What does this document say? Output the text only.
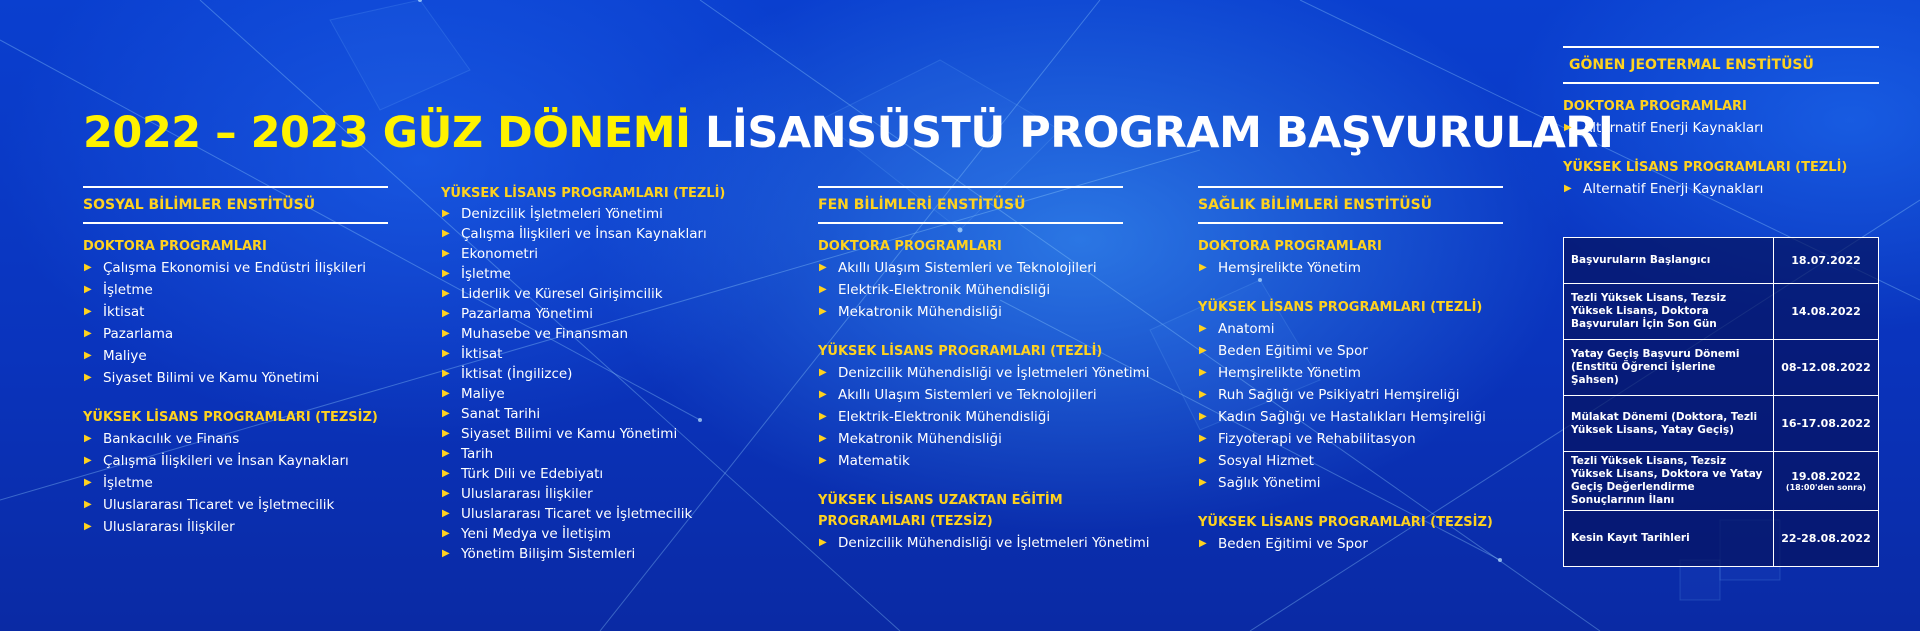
2022 – 2023 GÜZ DÖNEMİ LİSANSÜSTÜ PROGRAM BAŞVURULARI
SOSYAL BİLİMLER ENSTİTÜSÜ
DOKTORA PROGRAMLARI
▶ Çalışma Ekonomisi ve Endüstri İlişkileri
▶ İşletme
▶ İktisat
▶ Pazarlama
▶ Maliye
▶ Siyaset Bilimi ve Kamu Yönetimi
YÜKSEK LİSANS PROGRAMLARI (TEZSİZ)
▶ Bankacılık ve Finans
▶ Çalışma İlişkileri ve İnsan Kaynakları
▶ İşletme
▶ Uluslararası Ticaret ve İşletmecilik
▶ Uluslararası İlişkiler
YÜKSEK LİSANS PROGRAMLARI (TEZLİ)
▶ Denizcilik İşletmeleri Yönetimi
▶ Çalışma İlişkileri ve İnsan Kaynakları
▶ Ekonometri
▶ İşletme
▶ Liderlik ve Küresel Girişimcilik
▶ Pazarlama Yönetimi
▶ Muhasebe ve Finansman
▶ İktisat
▶ İktisat (İngilizce)
▶ Maliye
▶ Sanat Tarihi
▶ Siyaset Bilimi ve Kamu Yönetimi
▶ Tarih
▶ Türk Dili ve Edebiyatı
▶ Uluslararası İlişkiler
▶ Uluslararası Ticaret ve İşletmecilik
▶ Yeni Medya ve İletişim
▶ Yönetim Bilişim Sistemleri
FEN BİLİMLERİ ENSTİTÜSÜ
DOKTORA PROGRAMLARI
▶ Akıllı Ulaşım Sistemleri ve Teknolojileri
▶ Elektrik-Elektronik Mühendisliği
▶ Mekatronik Mühendisliği
YÜKSEK LİSANS PROGRAMLARI (TEZLİ)
▶ Denizcilik Mühendisliği ve İşletmeleri Yönetimi
▶ Akıllı Ulaşım Sistemleri ve Teknolojileri
▶ Elektrik-Elektronik Mühendisliği
▶ Mekatronik Mühendisliği
▶ Matematik
YÜKSEK LİSANS UZAKTAN EĞİTİM
PROGRAMLARI (TEZSİZ)
▶ Denizcilik Mühendisliği ve İşletmeleri Yönetimi
SAĞLIK BİLİMLERİ ENSTİTÜSÜ
DOKTORA PROGRAMLARI
▶ Hemşirelikte Yönetim
YÜKSEK LİSANS PROGRAMLARI (TEZLİ)
▶ Anatomi
▶ Beden Eğitimi ve Spor
▶ Hemşirelikte Yönetim
▶ Ruh Sağlığı ve Psikiyatri Hemşireliği
▶ Kadın Sağlığı ve Hastalıkları Hemşireliği
▶ Fizyoterapi ve Rehabilitasyon
▶ Sosyal Hizmet
▶ Sağlık Yönetimi
YÜKSEK LİSANS PROGRAMLARI (TEZSİZ)
▶ Beden Eğitimi ve Spor
GÖNEN JEOTERMAL ENSTİTÜSÜ
DOKTORA PROGRAMLARI
▶ Alternatif Enerji Kaynakları
YÜKSEK LİSANS PROGRAMLARI (TEZLİ)
▶ Alternatif Enerji Kaynakları
Başvuruların Başlangıcı	18.07.2022
Tezli Yüksek Lisans, Tezsiz Yüksek Lisans, Doktora Başvuruları İçin Son Gün	14.08.2022
Yatay Geçiş Başvuru Dönemi (Enstitü Öğrenci İşlerine Şahsen)	08-12.08.2022
Mülakat Dönemi (Doktora, Tezli Yüksek Lisans, Yatay Geçiş)	16-17.08.2022
Tezli Yüksek Lisans, Tezsiz Yüksek Lisans, Doktora ve Yatay Geçiş Değerlendirme Sonuçlarının İlanı	19.08.2022
(18:00'den sonra)

Kesin Kayıt Tarihleri	22-28.08.2022
